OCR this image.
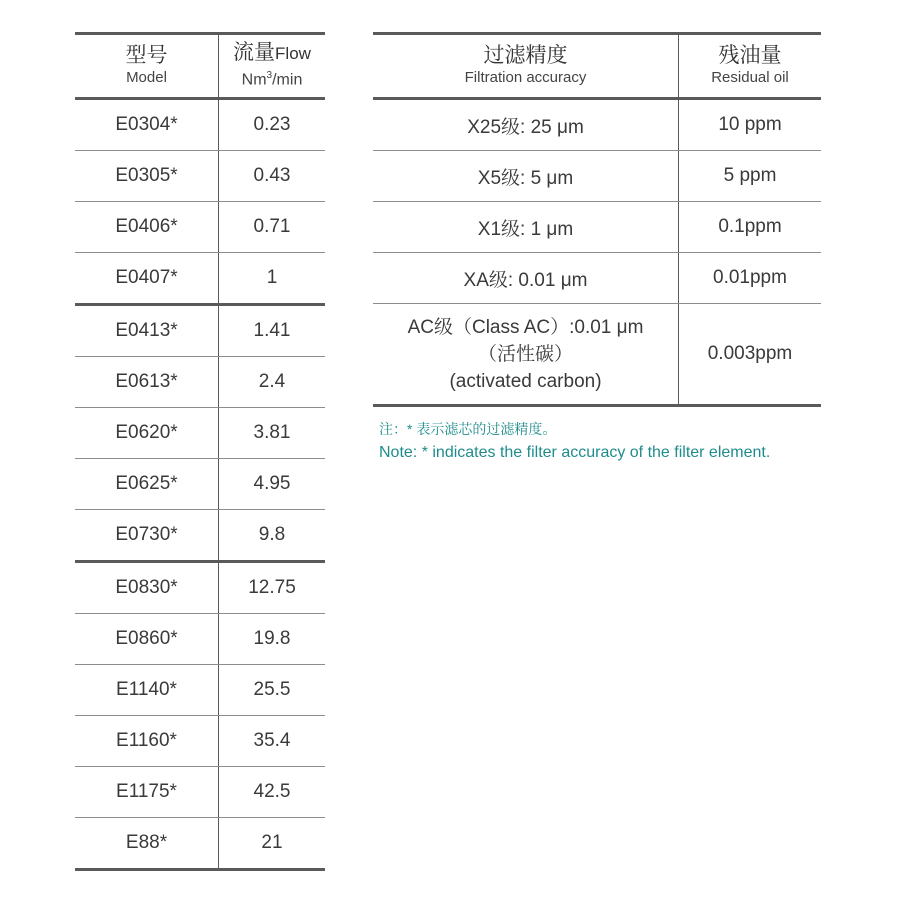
型号
Model	流量Flow
Nm$^3$/min

E0304*	0.23
E0305*	0.43
E0406*	0.71
E0407*	1
E0413*	1.41
E0613*	2.4
E0620*	3.81
E0625*	4.95
E0730*	9.8
E0830*	12.75
E0860*	19.8
E1140*	25.5
E1160*	35.4
E1175*	42.5
E88*	21
过滤精度
Filtration accuracy	残油量
Residual oil

X25级: 25 μm	10 ppm
X5级: 5 μm	5 ppm
X1级: 1 μm	0.1ppm
XA级: 0.01 μm	0.01ppm

AC级（Class AC）:0.01 μm
（活性碳）
(activated carbon)	0.003ppm
注：* 表示滤芯的过滤精度。
Note: * indicates the filter accuracy of the filter element.
